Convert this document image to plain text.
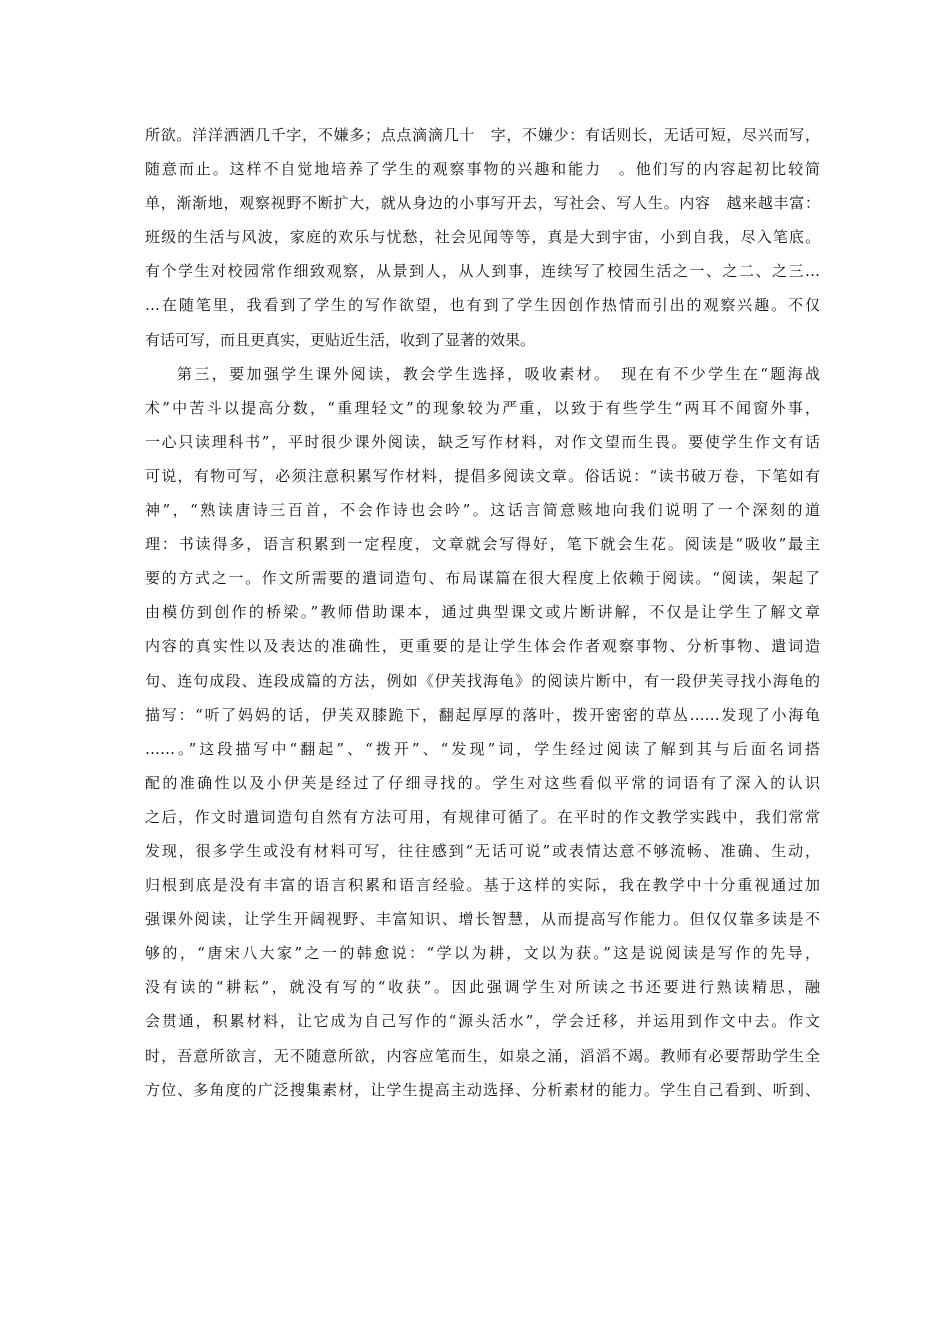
所欲。洋洋洒洒几千字，不嫌多；点点滴滴几十　字，不嫌少：有话则长，无话可短，尽兴而写，
随意而止。这样不自觉地培养了学生的观察事物的兴趣和能力　。他们写的内容起初比较简
单，渐渐地，观察视野不断扩大，就从身边的小事写开去，写社会、写人生。内容　越来越丰富：
班级的生活与风波，家庭的欢乐与忧愁，社会见闻等等，真是大到宇宙，小到自我，尽入笔底。
有个学生对校园常作细致观察，从景到人，从人到事，连续写了校园生活之一、之二、之三…
…在随笔里，我看到了学生的写作欲望，也有到了学生因创作热情而引出的观察兴趣。不仅
有话可写，而且更真实，更贴近生活，收到了显著的效果。
第三，要加强学生课外阅读，教会学生选择，吸收素材。　现在有不少学生在“题海战
术”中苦斗以提高分数，“重理轻文”的现象较为严重，以致于有些学生“两耳不闻窗外事，
一心只读理科书”，平时很少课外阅读，缺乏写作材料，对作文望而生畏。要使学生作文有话
可说，有物可写，必须注意积累写作材料，提倡多阅读文章。俗话说：“读书破万卷，下笔如有
神”，“熟读唐诗三百首，不会作诗也会吟”。这话言简意赅地向我们说明了一个深刻的道
理：书读得多，语言积累到一定程度，文章就会写得好，笔下就会生花。阅读是“吸收”最主
要的方式之一。作文所需要的遣词造句、布局谋篇在很大程度上依赖于阅读。“阅读，架起了
由模仿到创作的桥梁。”教师借助课本，通过典型课文或片断讲解，不仅是让学生了解文章
内容的真实性以及表达的准确性，更重要的是让学生体会作者观察事物、分析事物、遣词造
句、连句成段、连段成篇的方法，例如《伊芙找海龟》的阅读片断中，有一段伊芙寻找小海龟的
描写：“听了妈妈的话，伊芙双膝跪下，翻起厚厚的落叶，拨开密密的草丛……发现了小海龟
……。”这段描写中“翻起”、“拨开”、“发现”词，学生经过阅读了解到其与后面名词搭
配的准确性以及小伊芙是经过了仔细寻找的。学生对这些看似平常的词语有了深入的认识
之后，作文时遣词造句自然有方法可用，有规律可循了。在平时的作文教学实践中，我们常常
发现，很多学生或没有材料可写，往往感到“无话可说”或表情达意不够流畅、准确、生动，
归根到底是没有丰富的语言积累和语言经验。基于这样的实际，我在教学中十分重视通过加
强课外阅读，让学生开阔视野、丰富知识、增长智慧，从而提高写作能力。但仅仅靠多读是不
够的，“唐宋八大家”之一的韩愈说：“学以为耕，文以为获。”这是说阅读是写作的先导，
没有读的“耕耘”，就没有写的“收获”。因此强调学生对所读之书还要进行熟读精思，融
会贯通，积累材料，让它成为自己写作的“源头活水”，学会迁移，并运用到作文中去。作文
时，吾意所欲言，无不随意所欲，内容应笔而生，如泉之涌，滔滔不竭。教师有必要帮助学生全
方位、多角度的广泛搜集素材，让学生提高主动选择、分析素材的能力。学生自己看到、听到、
